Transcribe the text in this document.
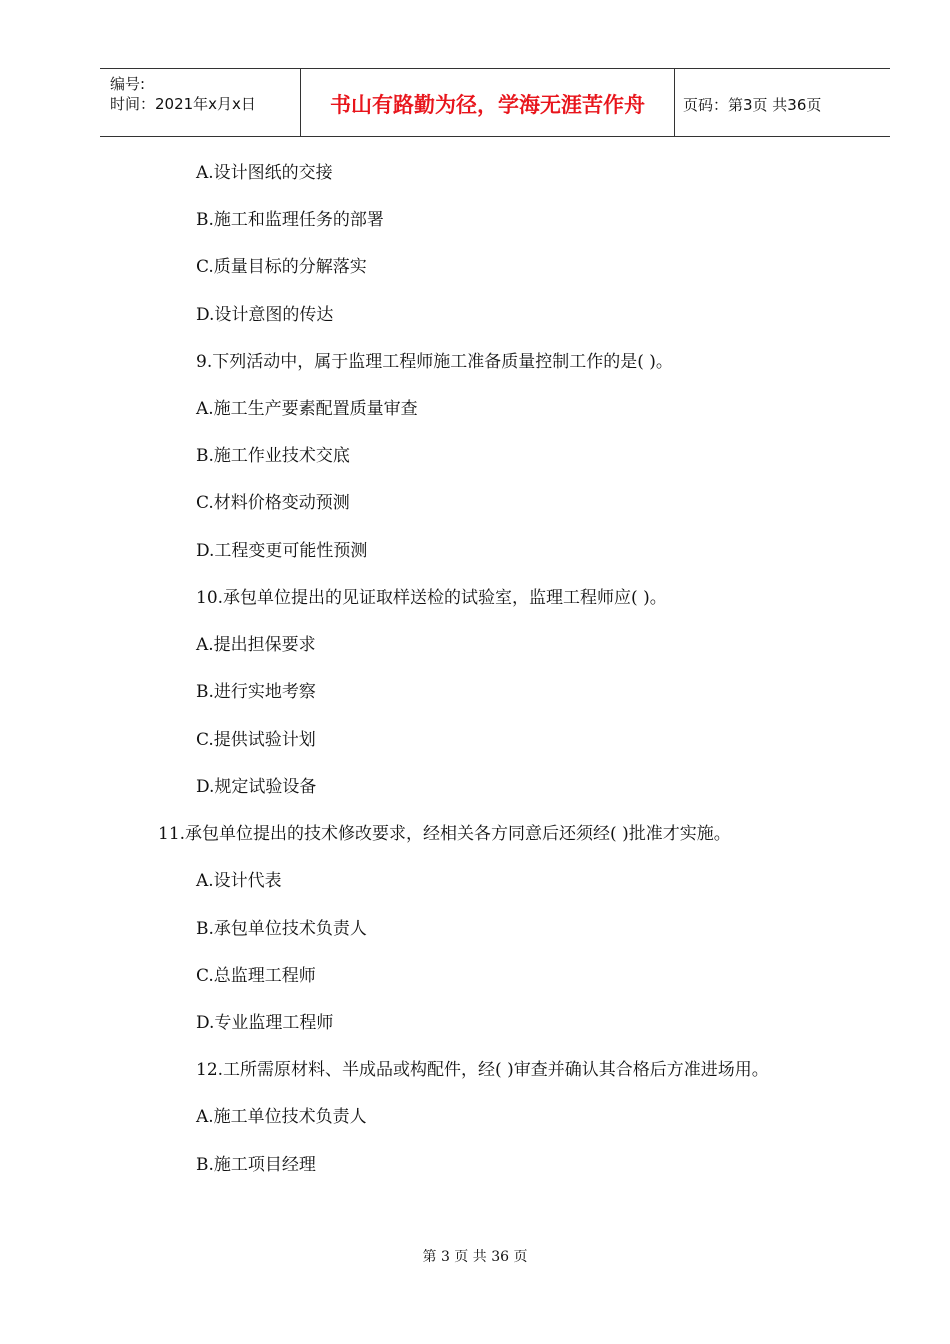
编号:
时间：2021年x月x日	书山有路勤为径，学海无涯苦作舟	页码：第3页 共36页
A.设计图纸的交接
B.施工和监理任务的部署
C.质量目标的分解落实
D.设计意图的传达
9.下列活动中，属于监理工程师施工准备质量控制工作的是( )。
A.施工生产要素配置质量审查
B.施工作业技术交底
C.材料价格变动预测
D.工程变更可能性预测
10.承包单位提出的见证取样送检的试验室，监理工程师应( )。
A.提出担保要求
B.进行实地考察
C.提供试验计划
D.规定试验设备
11.承包单位提出的技术修改要求，经相关各方同意后还须经( )批准才实施。
A.设计代表
B.承包单位技术负责人
C.总监理工程师
D.专业监理工程师
12.工所需原材料、半成品或构配件，经( )审查并确认其合格后方准进场用。
A.施工单位技术负责人
B.施工项目经理
第 3 页 共 36 页
